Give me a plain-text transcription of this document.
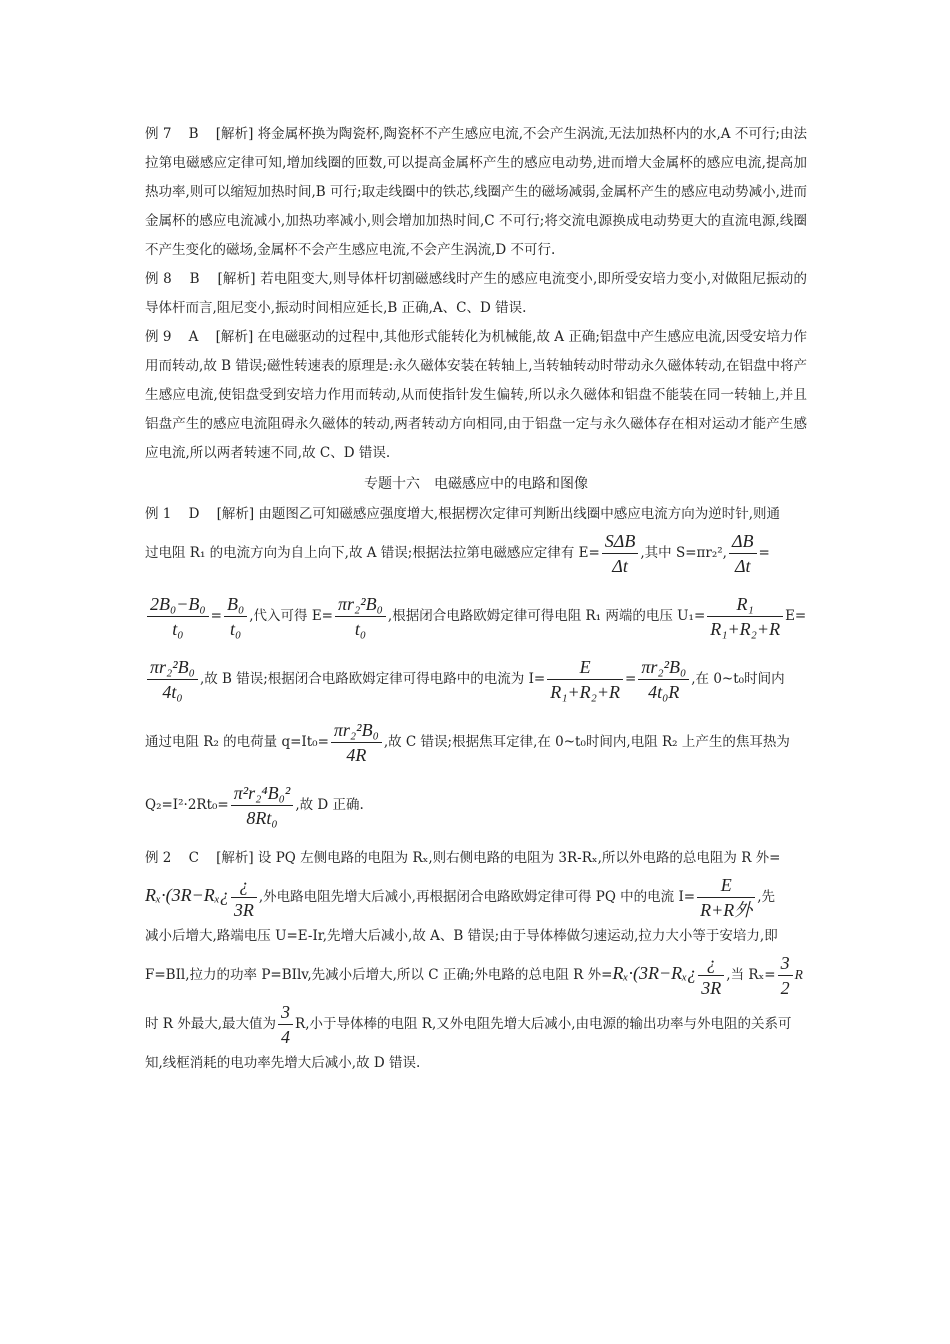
例 7 B [解析] 将金属杯换为陶瓷杯,陶瓷杯不产生感应电流,不会产生涡流,无法加热杯内的水,A 不可行;由法拉第电磁感应定律可知,增加线圈的匝数,可以提高金属杯产生的感应电动势,进而增大金属杯的感应电流,提高加热功率,则可以缩短加热时间,B 可行;取走线圈中的铁芯,线圈产生的磁场减弱,金属杯产生的感应电动势减小,进而金属杯的感应电流减小,加热功率减小,则会增加加热时间,C 不可行;将交流电源换成电动势更大的直流电源,线圈不产生变化的磁场,金属杯不会产生感应电流,不会产生涡流,D 不可行.

例 8 B [解析] 若电阻变大,则导体杆切割磁感线时产生的感应电流变小,即所受安培力变小,对做阻尼振动的导体杆而言,阻尼变小,振动时间相应延长,B 正确,A、C、D 错误.

例 9 A [解析] 在电磁驱动的过程中,其他形式能转化为机械能,故 A 正确;铝盘中产生感应电流,因受安培力作用而转动,故 B 错误;磁性转速表的原理是:永久磁体安装在转轴上,当转轴转动时带动永久磁体转动,在铝盘中将产生感应电流,使铝盘受到安培力作用而转动,从而使指针发生偏转,所以永久磁体和铝盘不能装在同一转轴上,并且铝盘产生的感应电流阻碍永久磁体的转动,两者转动方向相同,由于铝盘一定与永久磁体存在相对运动才能产生感应电流,所以两者转速不同,故 C、D 错误.

专题十六　电磁感应中的电路和图像

例 1 D [解析] 由题图乙可知磁感应强度增大,根据楞次定律可判断出线圈中感应电流方向为逆时针,则通

过电阻 R₁ 的电流方向为自上向下,故 A 错误;根据法拉第电磁感应定律有 $E= \frac{\text{SΔB}}{\Delta t}$ ,其中 S=πr₂², $\frac{\Delta B}{\Delta t}$ =
$\frac{\text{2B₀−B₀}}{\text{t₀}} = \frac{\text{B₀}}{\text{t₀}}$ ,代入可得 $E= \frac{\text{πr₂²B₀}}{\text{t₀}}$ ,根据闭合电路欧姆定律可得电阻 R₁ 两端的电压 $U_1= \frac{\text{R₁}}{\text{R₁+R₂+R}} E=$
$\frac{\text{πr₂²B₀}}{\text{4t₀}}$ ,故 B 错误;根据闭合电路欧姆定律可得电路中的电流为 $I= \frac{E}{\text{R₁+R₂+R}} = \frac{\text{πr₂²B₀}}{\text{4t₀R}}$ ,在 0~t₀时间内
通过电阻 R₂ 的电荷量 $q=It_0= \frac{\text{πr₂²B₀}}{4R}$ ,故 C 错误;根据焦耳定律,在 0~t₀时间内,电阻 R₂ 上产生的焦耳热为
$Q_2=I^2\cdot 2Rt_0= \frac{\text{π²r₂⁴B₀²}}{\text{8Rt₀}}$ ,故 D 正确.

例 2 C [解析] 设 PQ 左侧电路的电阻为 Rₓ,则右侧电路的电阻为 3R-Rₓ,所以外电路的总电阻为 R 外=

Rₓ·(3R−Rₓ¿ $\frac{¿}{3R}$ ,外电路电阻先增大后减小,再根据闭合电路欧姆定律可得 PQ 中的电流 $I= \frac{E}{\text{R+R外}}$ ,先

减小后增大,路端电压 U=E-Ir,先增大后减小,故 A、B 错误;由于导体棒做匀速运动,拉力大小等于安培力,即

F=BIl,拉力的功率 P=BIlv,先减小后增大,所以 C 正确;外电路的总电阻 R 外=Rₓ·(3R−Rₓ¿ $\frac{¿}{3R}$ ,当 $R_x= \frac{3}{2}$ R
时 R 外最大,最大值为 $\frac{3}{4} R$,小于导体棒的电阻 R,又外电阻先增大后减小,由电源的输出功率与外电阻的关系可

知,线框消耗的电功率先增大后减小,故 D 错误.
